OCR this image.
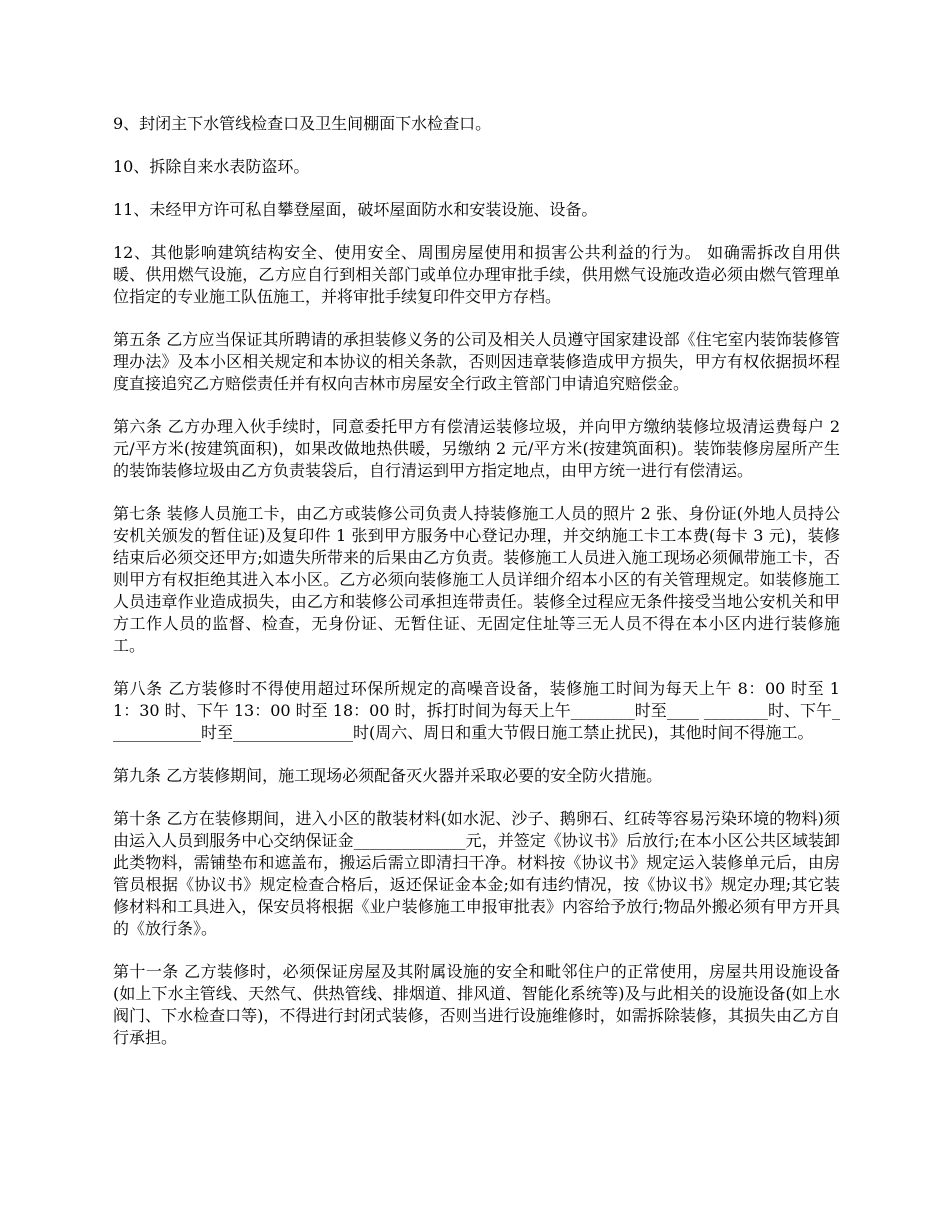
9、封闭主下水管线检查口及卫生间棚面下水检查口。

10、拆除自来水表防盗环。

11、未经甲方许可私自攀登屋面，破坏屋面防水和安装设施、设备。

12、其他影响建筑结构安全、使用安全、周围房屋使用和损害公共利益的行为。 如确需拆改自用供暖、供用燃气设施，乙方应自行到相关部门或单位办理审批手续，供用燃气设施改造必须由燃气管理单位指定的专业施工队伍施工，并将审批手续复印件交甲方存档。

第五条 乙方应当保证其所聘请的承担装修义务的公司及相关人员遵守国家建设部《住宅室内装饰装修管理办法》及本小区相关规定和本协议的相关条款，否则因违章装修造成甲方损失，甲方有权依据损坏程度直接追究乙方赔偿责任并有权向吉林市房屋安全行政主管部门申请追究赔偿金。

第六条 乙方办理入伙手续时，同意委托甲方有偿清运装修垃圾，并向甲方缴纳装修垃圾清运费每户 2 元/平方米(按建筑面积)，如果改做地热供暖，另缴纳 2 元/平方米(按建筑面积)。装饰装修房屋所产生的装饰装修垃圾由乙方负责装袋后，自行清运到甲方指定地点，由甲方统一进行有偿清运。

第七条 装修人员施工卡，由乙方或装修公司负责人持装修施工人员的照片 2 张、身份证(外地人员持公安机关颁发的暂住证)及复印件 1 张到甲方服务中心登记办理，并交纳施工卡工本费(每卡 3 元)，装修结束后必须交还甲方;如遗失所带来的后果由乙方负责。装修施工人员进入施工现场必须佩带施工卡，否则甲方有权拒绝其进入本小区。乙方必须向装修施工人员详细介绍本小区的有关管理规定。如装修施工人员违章作业造成损失，由乙方和装修公司承担连带责任。装修全过程应无条件接受当地公安机关和甲方工作人员的监督、检查，无身份证、无暂住证、无固定住址等三无人员不得在本小区内进行装修施工。

第八条 乙方装修时不得使用超过环保所规定的高噪音设备，装修施工时间为每天上午 8：00 时至 11：30 时、下午 13：00 时至 18：00 时，拆打时间为每天上午________时至____ ________时、下午____________时至_______________时(周六、周日和重大节假日施工禁止扰民)，其他时间不得施工。

第九条 乙方装修期间，施工现场必须配备灭火器并采取必要的安全防火措施。

第十条 乙方在装修期间，进入小区的散装材料(如水泥、沙子、鹅卵石、红砖等容易污染环境的物料)须由运入人员到服务中心交纳保证金______________元，并签定《协议书》后放行;在本小区公共区域装卸此类物料，需铺垫布和遮盖布，搬运后需立即清扫干净。材料按《协议书》规定运入装修单元后，由房管员根据《协议书》规定检查合格后，返还保证金本金;如有违约情况，按《协议书》规定办理;其它装修材料和工具进入，保安员将根据《业户装修施工申报审批表》内容给予放行;物品外搬必须有甲方开具的《放行条》。

第十一条 乙方装修时，必须保证房屋及其附属设施的安全和毗邻住户的正常使用，房屋共用设施设备(如上下水主管线、天然气、供热管线、排烟道、排风道、智能化系统等)及与此相关的设施设备(如上水阀门、下水检查口等)，不得进行封闭式装修，否则当进行设施维修时，如需拆除装修，其损失由乙方自行承担。
